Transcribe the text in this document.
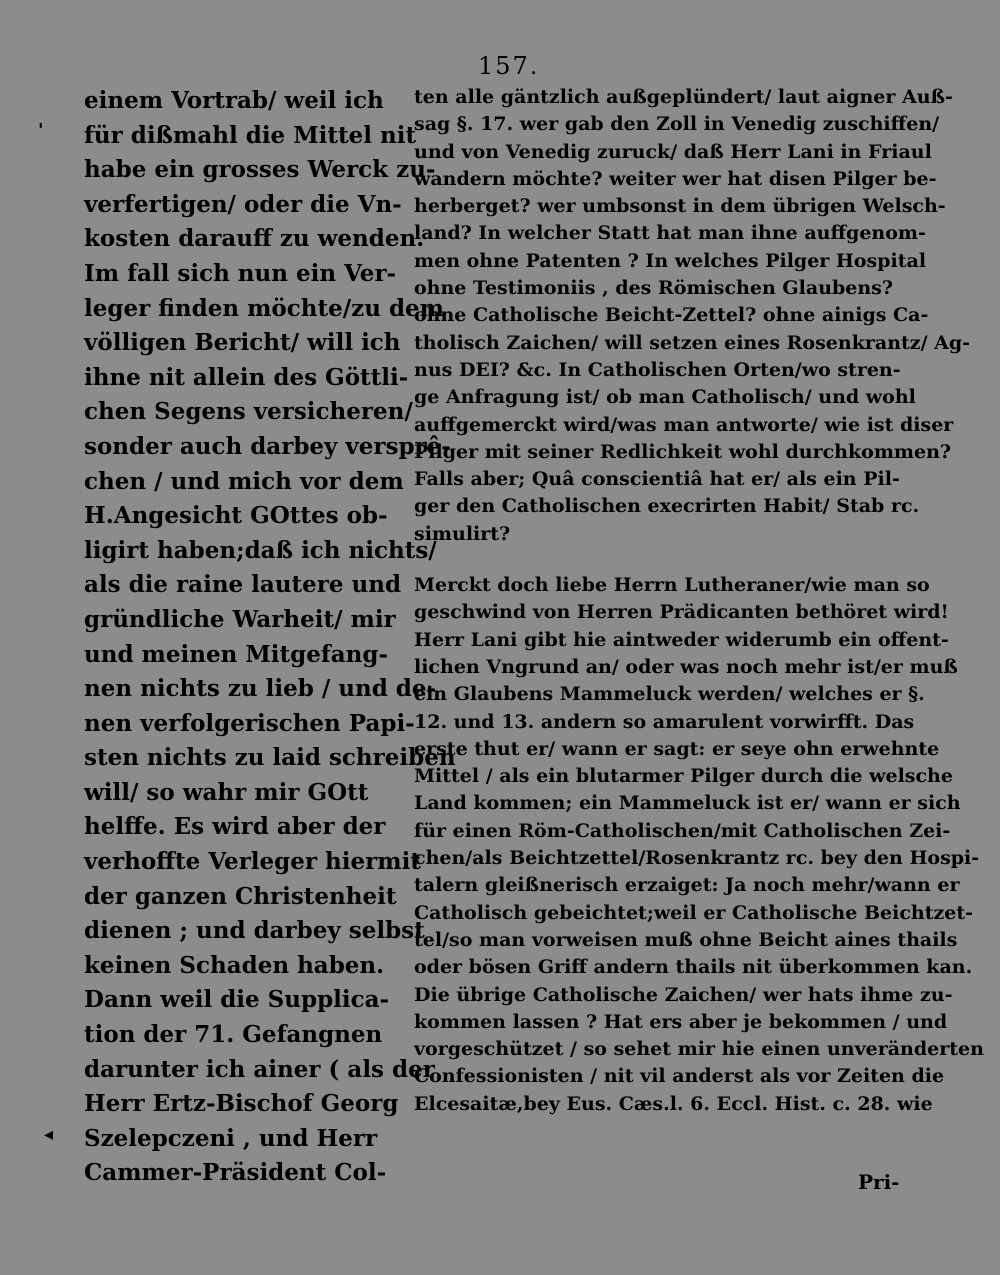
157.
'
◂
einem Vortrab/ weil ich
für dißmahl die Mittel nit
habe ein grosses Werck zu-
verfertigen/ oder die Vn-
kosten darauff zu wenden.
Im fall sich nun ein Ver-
leger finden möchte/zu dem
völligen Bericht/ will ich
ihne nit allein des Göttli-
chen Segens versicheren/
sonder auch darbey versprê-
chen / und mich vor dem
H.Angesicht GOttes ob-
ligirt haben;daß ich nichts/
als die raine lautere und
gründliche Warheit/ mir
und meinen Mitgefang-
nen nichts zu lieb / und de-
nen verfolgerischen Papi-
sten nichts zu laid schreiben
will/ so wahr mir GOtt
helffe. Es wird aber der
verhoffte Verleger hiermit
der ganzen Christenheit
dienen ; und darbey selbst
keinen Schaden haben.
Dann weil die Supplica-
tion der 71. Gefangnen
darunter ich ainer ( als der
Herr Ertz-Bischof Georg
Szelepczeni , und Herr
Cammer-Präsident Col-
ten alle gäntzlich außgeplündert/ laut aigner Auß-
sag §. 17. wer gab den Zoll in Venedig zuschiffen/
und von Venedig zuruck/ daß Herr Lani in Friaul
wandern möchte? weiter wer hat disen Pilger be-
herberget? wer umbsonst in dem übrigen Welsch-
land? In welcher Statt hat man ihne auffgenom-
men ohne Patenten ? In welches Pilger Hospital
ohne Testimoniis , des Römischen Glaubens?
ohne Catholische Beicht-Zettel? ohne ainigs Ca-
tholisch Zaichen/ will setzen eines Rosenkrantz/ Ag-
nus DEI? &c. In Catholischen Orten/wo stren-
ge Anfragung ist/ ob man Catholisch/ und wohl
auffgemerckt wird/was man antworte/ wie ist diser
Pilger mit seiner Redlichkeit wohl durchkommen?
Falls aber; Quâ conscientiâ hat er/ als ein Pil-
ger den Catholischen execrirten Habit/ Stab rc.
simulirt?
Merckt doch liebe Herrn Lutheraner/wie man so
geschwind von Herren Prädicanten bethöret wird!
Herr Lani gibt hie aintweder widerumb ein offent-
lichen Vngrund an/ oder was noch mehr ist/er muß
ein Glaubens Mammeluck werden/ welches er §.
12. und 13. andern so amarulent vorwirfft. Das
erste thut er/ wann er sagt: er seye ohn erwehnte
Mittel / als ein blutarmer Pilger durch die welsche
Land kommen; ein Mammeluck ist er/ wann er sich
für einen Röm-Catholischen/mit Catholischen Zei-
chen/als Beichtzettel/Rosenkrantz rc. bey den Hospi-
talern gleißnerisch erzaiget: Ja noch mehr/wann er
Catholisch gebeichtet;weil er Catholische Beichtzet-
tel/so man vorweisen muß ohne Beicht aines thails
oder bösen Griff andern thails nit überkommen kan.
Die übrige Catholische Zaichen/ wer hats ihme zu-
kommen lassen ? Hat ers aber je bekommen / und
vorgeschützet / so sehet mir hie einen unveränderten
Confessionisten / nit vil anderst als vor Zeiten die
Elcesaitæ,bey Eus. Cæs.l. 6. Eccl. Hist. c. 28. wie
Pri-
